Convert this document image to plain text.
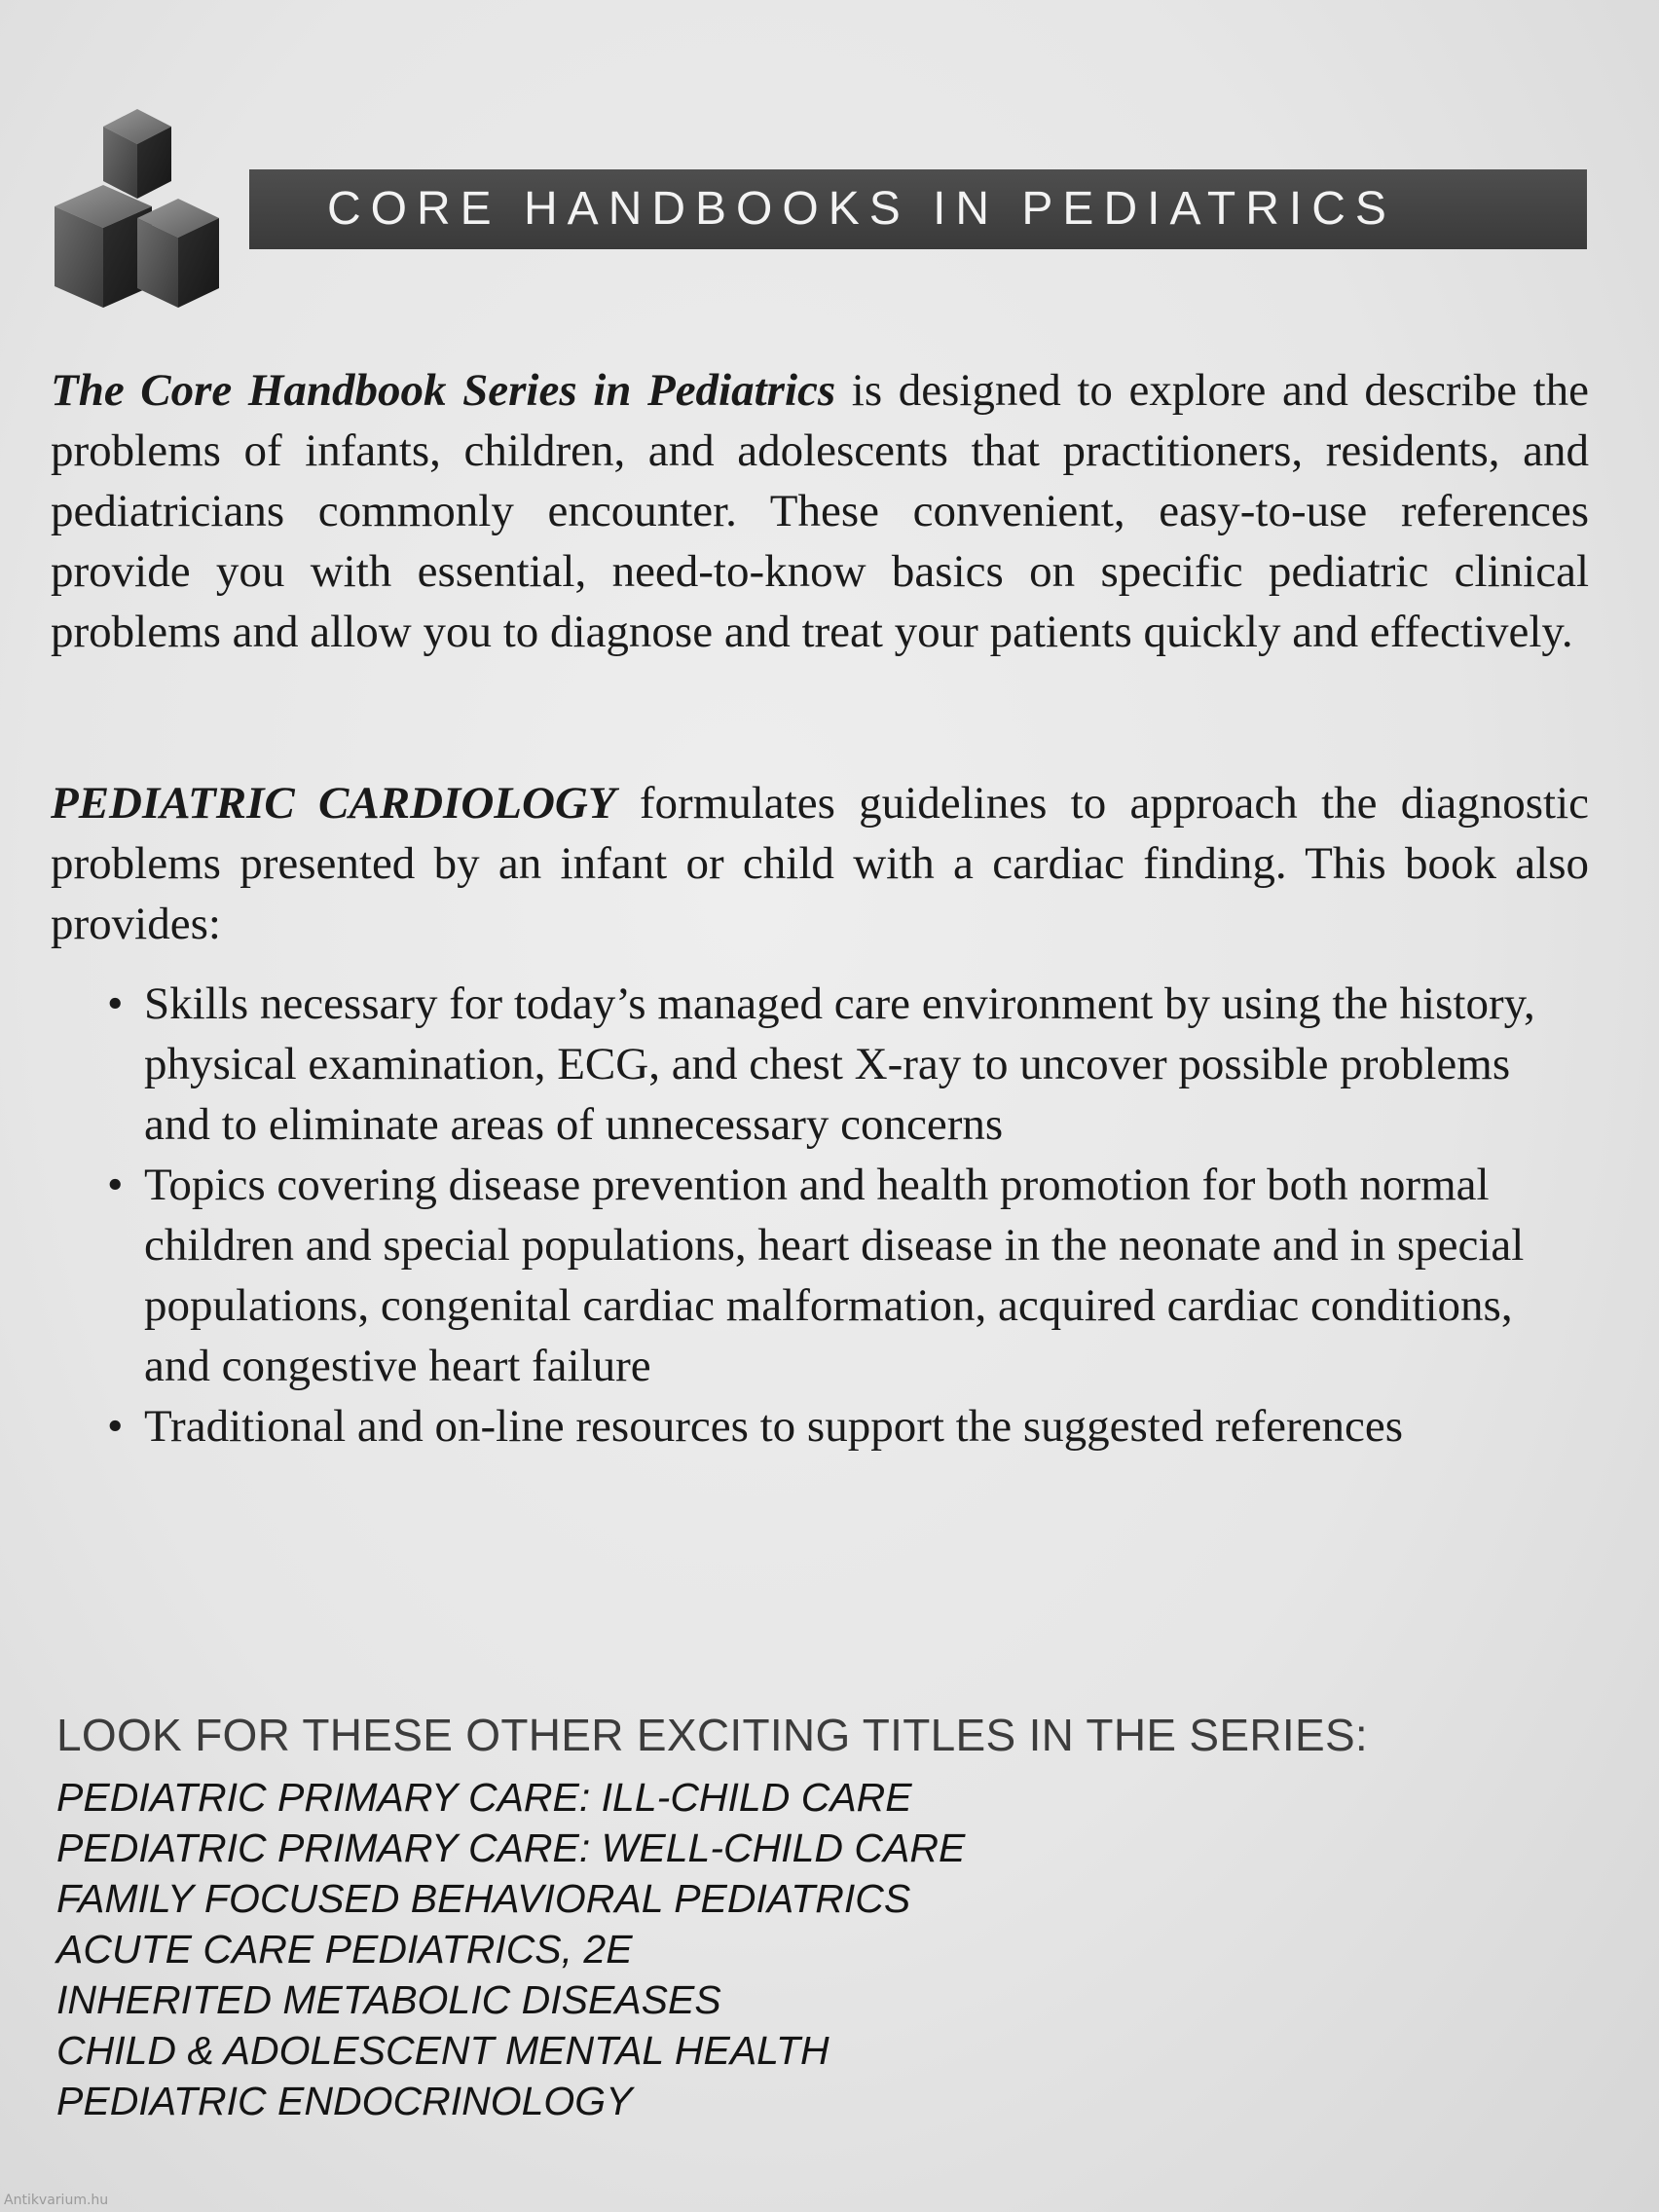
CORE HANDBOOKS IN PEDIATRICS

The Core Handbook Series in Pediatrics is designed to explore and describe the problems of infants, children, and adolescents that practitioners, residents, and pediatricians commonly encounter. These convenient, easy-to-use references provide you with essential, need-to-know basics on specific pediatric clinical problems and allow you to diagnose and treat your patients quickly and effectively.

PEDIATRIC CARDIOLOGY formulates guidelines to approach the diagnostic problems presented by an infant or child with a cardiac finding. This book also provides:

• Skills necessary for today’s managed care environment by using the history, physical examination, ECG, and chest X-ray to uncover possible problems and to eliminate areas of unnecessary concerns
• Topics covering disease prevention and health promotion for both normal children and special populations, heart disease in the neonate and in special populations, congenital cardiac malformation, acquired cardiac conditions, and congestive heart failure
• Traditional and on-line resources to support the suggested references
LOOK FOR THESE OTHER EXCITING TITLES IN THE SERIES:
PEDIATRIC PRIMARY CARE: ILL-CHILD CARE
PEDIATRIC PRIMARY CARE: WELL-CHILD CARE
FAMILY FOCUSED BEHAVIORAL PEDIATRICS
ACUTE CARE PEDIATRICS, 2E
INHERITED METABOLIC DISEASES
CHILD & ADOLESCENT MENTAL HEALTH
PEDIATRIC ENDOCRINOLOGY
Antikvarium.hu
